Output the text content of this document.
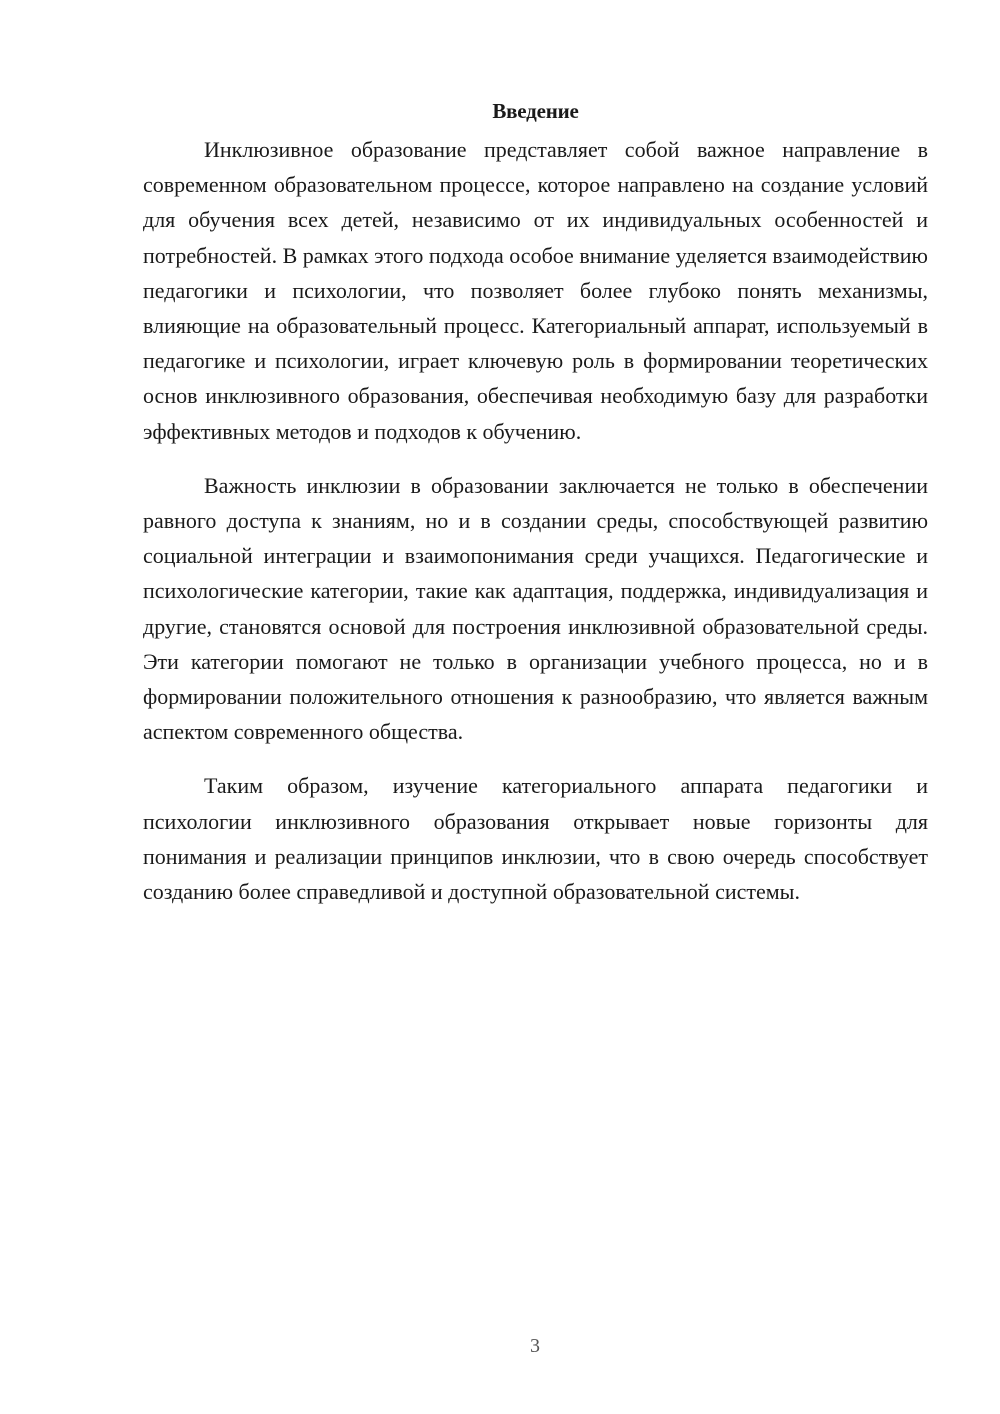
Введение

Инклюзивное образование представляет собой важное направление в современном образовательном процессе, которое направлено на создание условий для обучения всех детей, независимо от их индивидуальных особенностей и потребностей. В рамках этого подхода особое внимание уделяется взаимодействию педагогики и психологии, что позволяет более глубоко понять механизмы, влияющие на образовательный процесс. Категориальный аппарат, используемый в педагогике и психологии, играет ключевую роль в формировании теоретических основ инклюзивного образования, обеспечивая необходимую базу для разработки эффективных методов и подходов к обучению.

Важность инклюзии в образовании заключается не только в обеспечении равного доступа к знаниям, но и в создании среды, способствующей развитию социальной интеграции и взаимопонимания среди учащихся. Педагогические и психологические категории, такие как адаптация, поддержка, индивидуализация и другие, становятся основой для построения инклюзивной образовательной среды. Эти категории помогают не только в организации учебного процесса, но и в формировании положительного отношения к разнообразию, что является важным аспектом современного общества.

Таким образом, изучение категориального аппарата педагогики и психологии инклюзивного образования открывает новые горизонты для понимания и реализации принципов инклюзии, что в свою очередь способствует созданию более справедливой и доступной образовательной системы.

3
